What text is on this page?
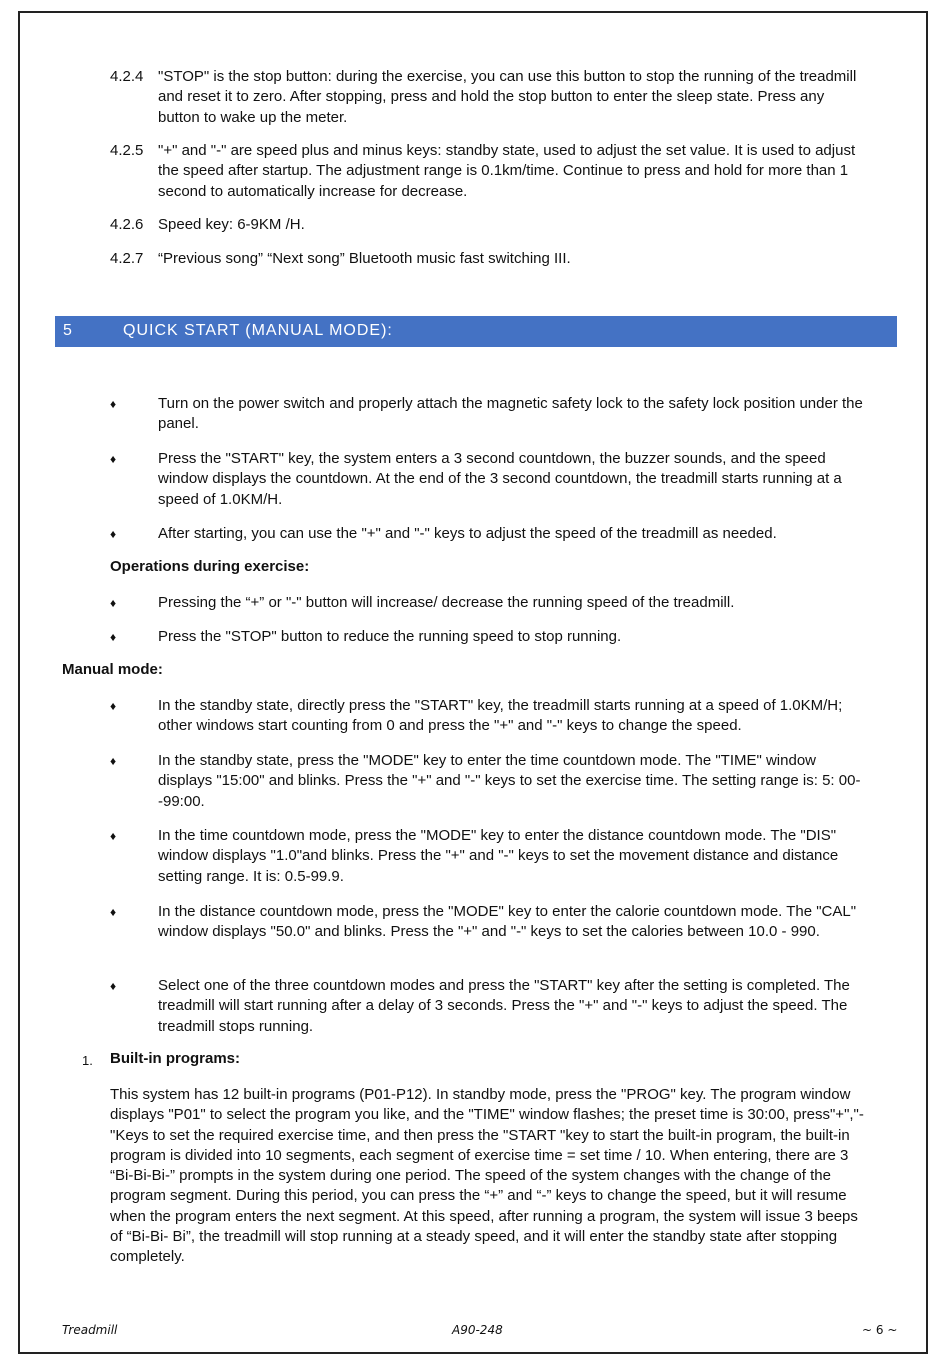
4.2.4 "STOP" is the stop button: during the exercise, you can use this button to stop the running of the treadmill and reset it to zero. After stopping, press and hold the stop button to enter the sleep state. Press any button to wake up the meter.
4.2.5 "+" and "-" are speed plus and minus keys: standby state, used to adjust the set value. It is used to adjust the speed after startup. The adjustment range is 0.1km/time. Continue to press and hold for more than 1 second to automatically increase for decrease.
4.2.6 Speed key: 6-9KM /H.
4.2.7 “Previous song” “Next song” Bluetooth music fast switching III.
5	QUICK START (MANUAL MODE):
♦	Turn on the power switch and properly attach the magnetic safety lock to the safety lock position under the panel.
♦	Press the "START" key, the system enters a 3 second countdown, the buzzer sounds, and the speed window displays the countdown. At the end of the 3 second countdown, the treadmill starts running at a speed of 1.0KM/H.
♦	After starting, you can use the "+" and "-" keys to adjust the speed of the treadmill as needed.
Operations during exercise:
♦	Pressing the “+” or "-" button will increase/ decrease the running speed of the treadmill.
♦	Press the "STOP" button to reduce the running speed to stop running.
Manual mode:
♦	In the standby state, directly press the "START" key, the treadmill starts running at a speed of 1.0KM/H; other windows start counting from 0 and press the "+" and "-" keys to change the speed.
♦	In the standby state, press the "MODE" key to enter the time countdown mode. The "TIME" window displays "15:00" and blinks. Press the "+" and "-" keys to set the exercise time. The setting range is: 5: 00--99:00.
♦	In the time countdown mode, press the "MODE" key to enter the distance countdown mode. The "DIS" window displays "1.0"and blinks. Press the "+" and "-" keys to set the movement distance and distance setting range. It is: 0.5-99.9.
♦	In the distance countdown mode, press the "MODE" key to enter the calorie countdown mode. The "CAL" window displays "50.0" and blinks. Press the "+" and "-" keys to set the calories between 10.0 - 990.
♦	Select one of the three countdown modes and press the "START" key after the setting is completed. The treadmill will start running after a delay of 3 seconds. Press the "+" and "-" keys to adjust the speed. The treadmill stops running.
1. Built-in programs:
This system has 12 built-in programs (P01-P12). In standby mode, press the "PROG" key. The program window displays "P01" to select the program you like, and the "TIME" window flashes; the preset time is 30:00, press"+","-"Keys to set the required exercise time, and then press the "START "key to start the built-in program, the built-in program is divided into 10 segments, each segment of exercise time = set time / 10. When entering, there are 3 “Bi-Bi-Bi-” prompts in the system during one period. The speed of the system changes with the change of the program segment. During this period, you can press the “+” and “-” keys to change the speed, but it will resume when the program enters the next segment. At this speed, after running a program, the system will issue 3 beeps of “Bi-Bi- Bi”, the treadmill will stop running at a steady speed, and it will enter the standby state after stopping completely.
Treadmill	A90-248	~ 6 ~
